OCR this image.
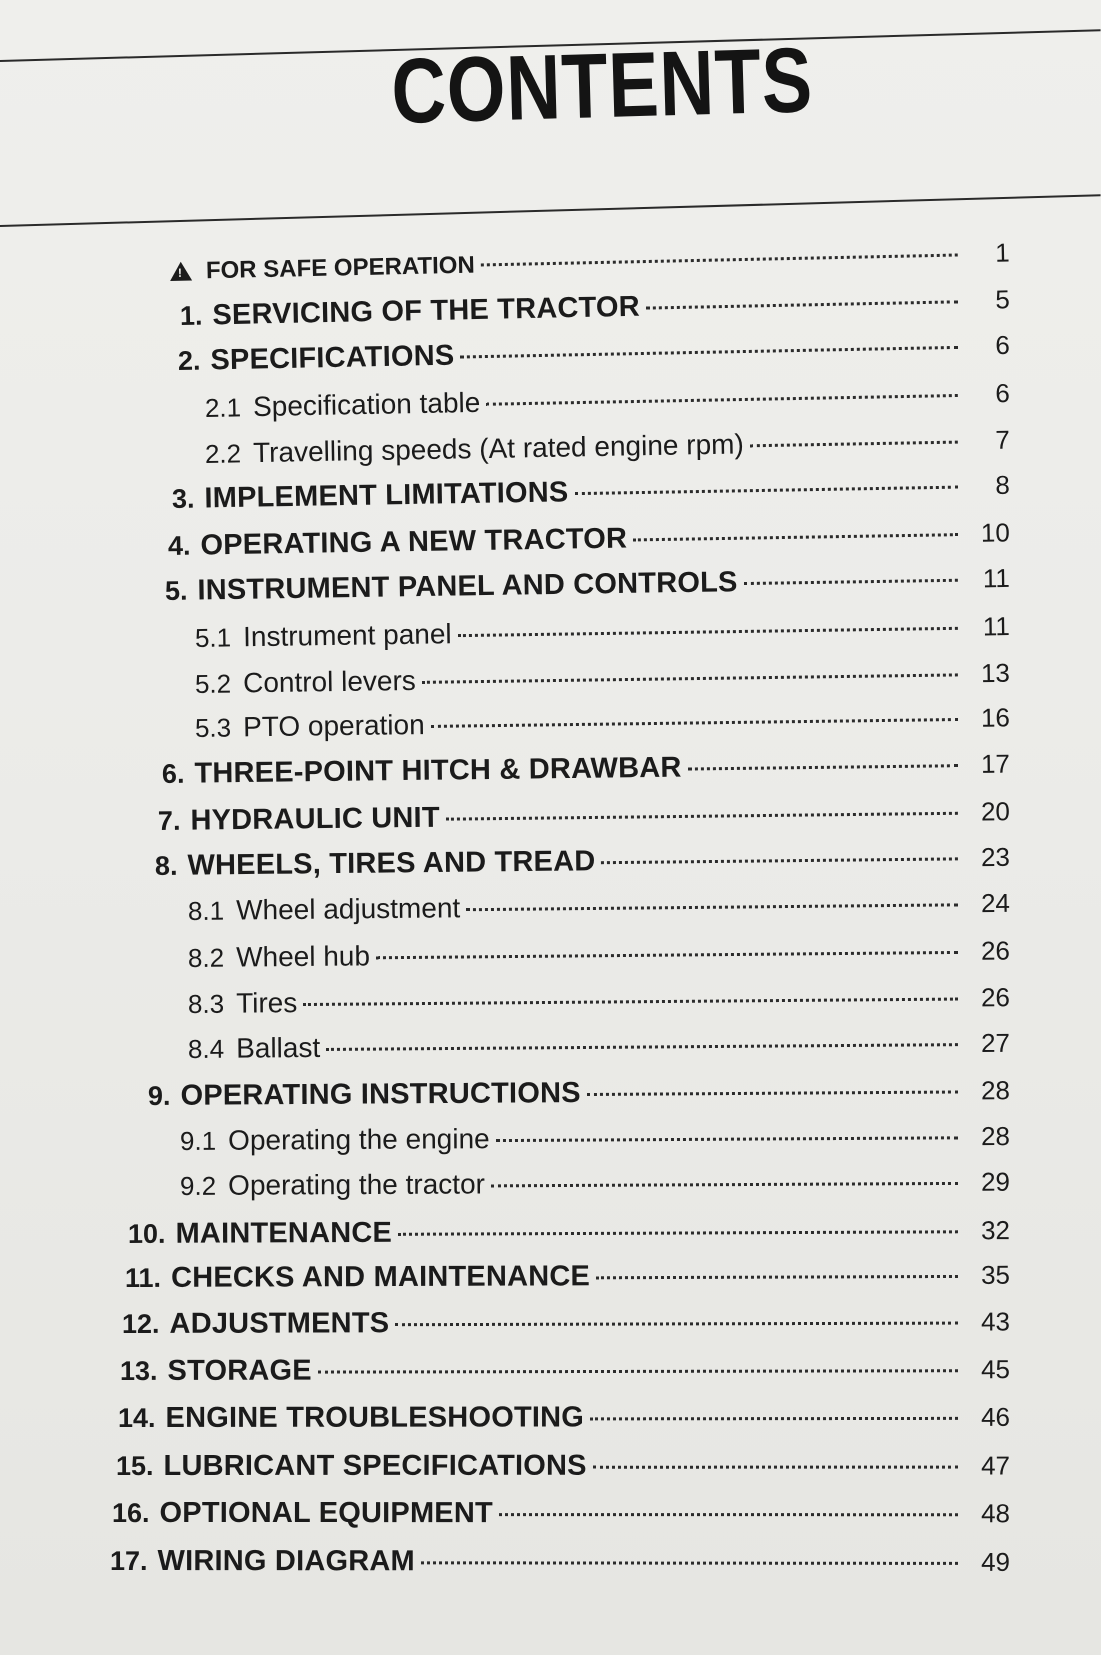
CONTENTS
!
FOR SAFE OPERATION	1
1. SERVICING OF THE TRACTOR	5
2. SPECIFICATIONS	6
2.1 Specification table	6
2.2 Travelling speeds (At rated engine rpm)	7
3. IMPLEMENT LIMITATIONS	8
4. OPERATING A NEW TRACTOR	10
5. INSTRUMENT PANEL AND CONTROLS	11
5.1 Instrument panel	11
5.2 Control levers	13
5.3 PTO operation	16
6. THREE-POINT HITCH & DRAWBAR	17
7. HYDRAULIC UNIT	20
8. WHEELS, TIRES AND TREAD	23
8.1 Wheel adjustment	24
8.2 Wheel hub	26
8.3 Tires	26
8.4 Ballast	27
9. OPERATING INSTRUCTIONS	28
9.1 Operating the engine	28
9.2 Operating the tractor	29
10. MAINTENANCE	32
11. CHECKS AND MAINTENANCE	35
12. ADJUSTMENTS	43
13. STORAGE	45
14. ENGINE TROUBLESHOOTING	46
15. LUBRICANT SPECIFICATIONS	47
16. OPTIONAL EQUIPMENT	48
17. WIRING DIAGRAM	49
